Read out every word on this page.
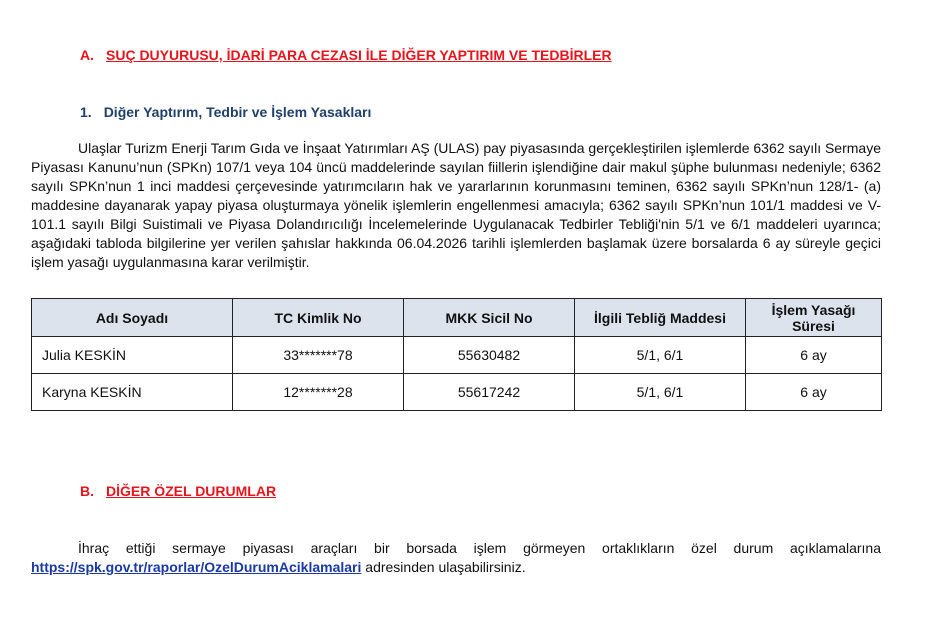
A. SUÇ DUYURUSU, İDARİ PARA CEZASI İLE DİĞER YAPTIRIM VE TEDBİRLER
1. Diğer Yaptırım, Tedbir ve İşlem Yasakları

Ulaşlar Turizm Enerji Tarım Gıda ve İnşaat Yatırımları AŞ (ULAS) pay piyasasında gerçekleştirilen işlemlerde 6362 sayılı Sermaye Piyasası Kanunu’nun (SPKn) 107/1 veya 104 üncü maddelerinde sayılan fiillerin işlendiğine dair makul şüphe bulunması nedeniyle; 6362 sayılı SPKn’nun 1 inci maddesi çerçevesinde yatırımcıların hak ve yararlarının korunmasını teminen, 6362 sayılı SPKn’nun 128/1- (a) maddesine dayanarak yapay piyasa oluşturmaya yönelik işlemlerin engellenmesi amacıyla; 6362 sayılı SPKn’nun 101/1 maddesi ve V-101.1 sayılı Bilgi Suistimali ve Piyasa Dolandırıcılığı İncelemelerinde Uygulanacak Tedbirler Tebliği'nin 5/1 ve 6/1 maddeleri uyarınca; aşağıdaki tabloda bilgilerine yer verilen şahıslar hakkında 06.04.2026 tarihli işlemlerden başlamak üzere borsalarda 6 ay süreyle geçici işlem yasağı uygulanmasına karar verilmiştir.

Adı Soyadı	TC Kimlik No	MKK Sicil No	İlgili Tebliğ Maddesi	İşlem Yasağı Süresi
Julia KESKİN	33*******78	55630482	5/1, 6/1	6 ay
Karyna KESKİN	12*******28	55617242	5/1, 6/1	6 ay
B. DİĞER ÖZEL DURUMLAR
İhraç ettiği sermaye piyasası araçları bir borsada işlem görmeyen ortaklıkların özel durum açıklamalarına
https://spk.gov.tr/raporlar/OzelDurumAciklamalari adresinden ulaşabilirsiniz.
